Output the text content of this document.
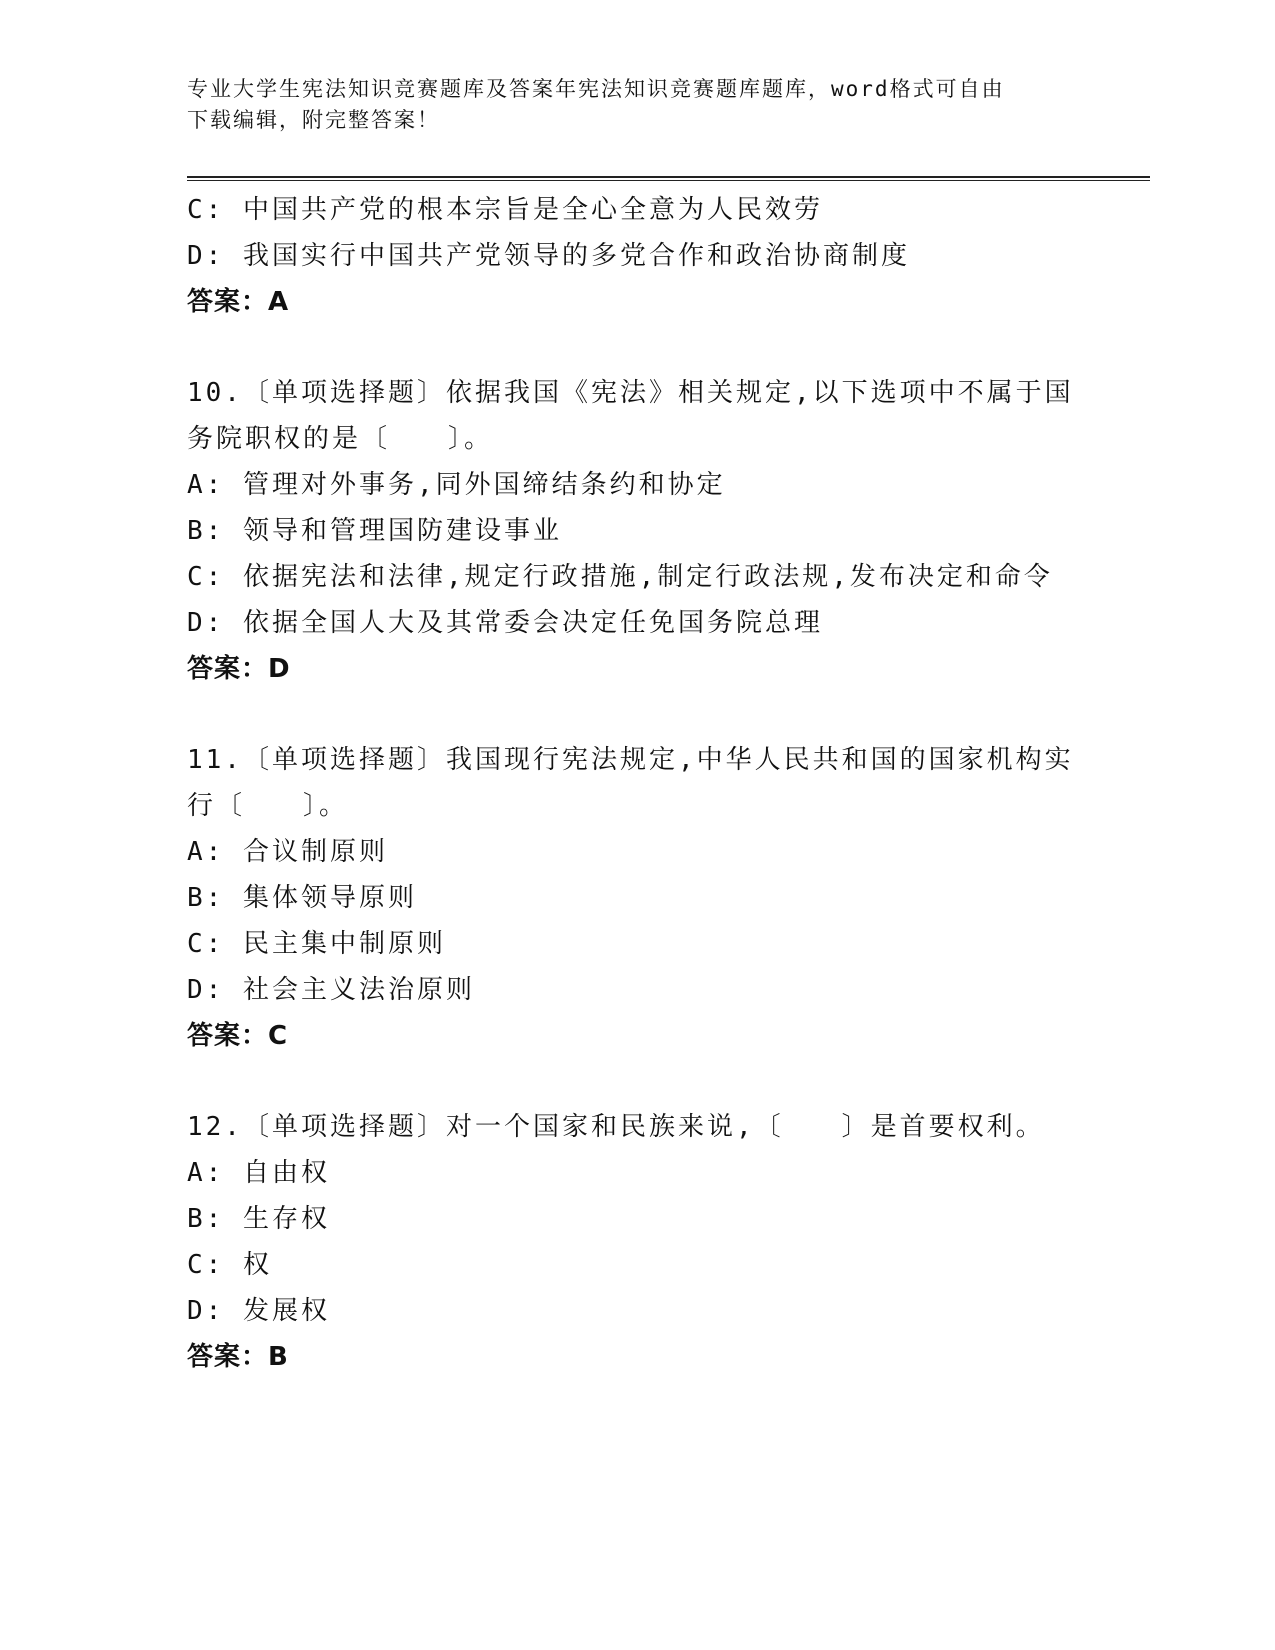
专业大学生宪法知识竞赛题库及答案年宪法知识竞赛题库题库，word格式可自由
下载编辑，附完整答案！
C: 中国共产党的根本宗旨是全心全意为人民效劳
D: 我国实行中国共产党领导的多党合作和政治协商制度
答案：A
10.〔单项选择题〕依据我国《宪法》相关规定,以下选项中不属于国
务院职权的是〔　　〕。
A: 管理对外事务,同外国缔结条约和协定
B: 领导和管理国防建设事业
C: 依据宪法和法律,规定行政措施,制定行政法规,发布决定和命令
D: 依据全国人大及其常委会决定任免国务院总理
答案：D
11.〔单项选择题〕我国现行宪法规定,中华人民共和国的国家机构实
行〔　　〕。
A: 合议制原则
B: 集体领导原则
C: 民主集中制原则
D: 社会主义法治原则
答案：C
12.〔单项选择题〕对一个国家和民族来说,〔　　〕是首要权利。
A: 自由权
B: 生存权
C: 权
D: 发展权
答案：B
